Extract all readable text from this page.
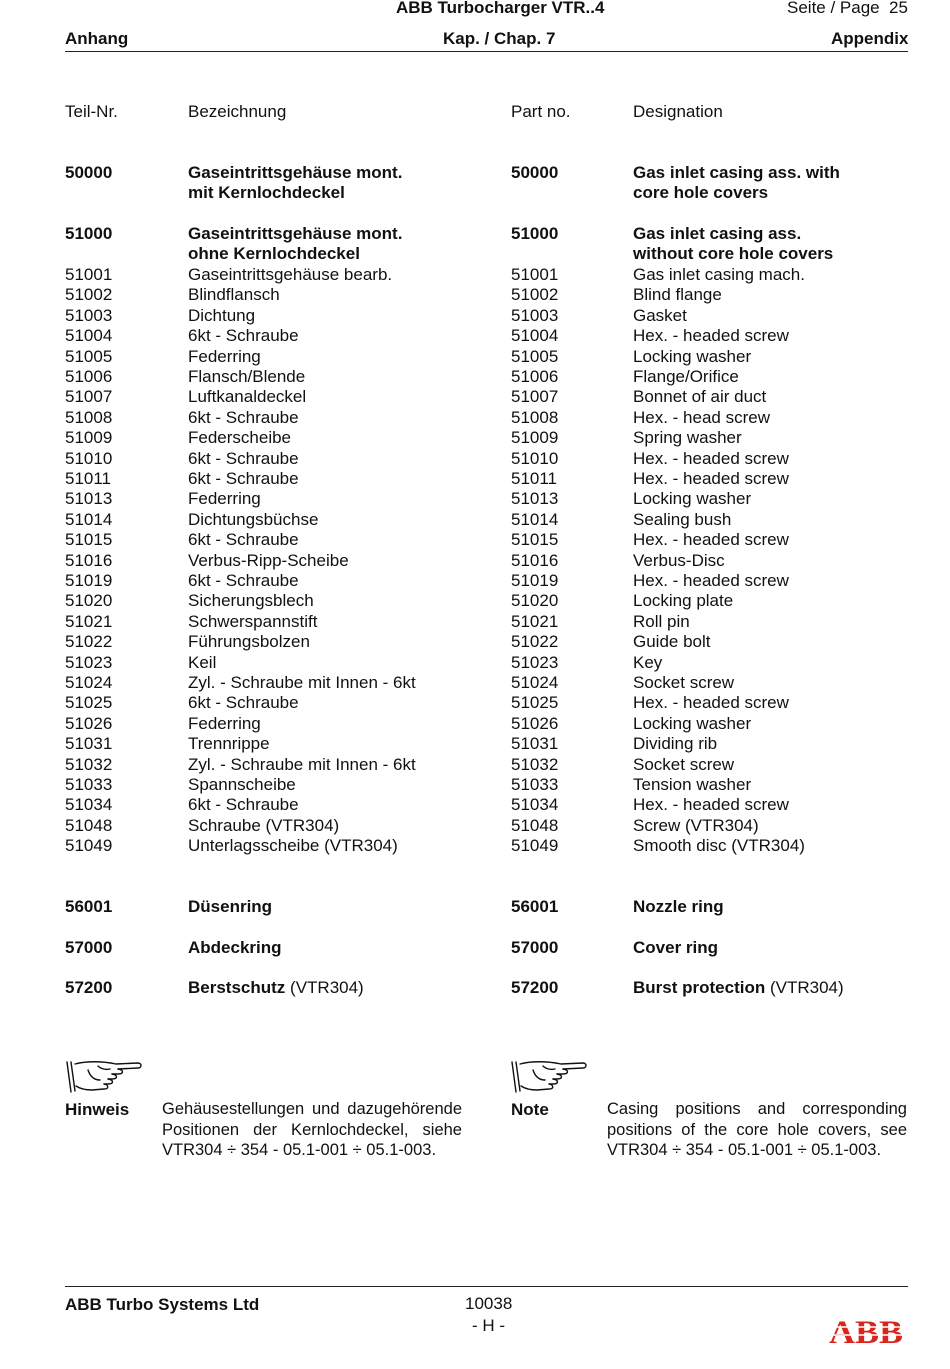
ABB Turbocharger VTR..4	Seite / Page 25
Anhang	Kap. / Chap. 7	Appendix
Teil-Nr.	Bezeichnung	Part no.	Designation
50000	Gaseintrittsgehäuse mont.	50000	Gas inlet casing ass. with
mit Kernlochdeckel	core hole covers
51000	Gaseintrittsgehäuse mont.	51000	Gas inlet casing ass.
ohne Kernlochdeckel	without core hole covers
51001	Gaseintrittsgehäuse bearb.	51001	Gas inlet casing mach.
51002	Blindflansch	51002	Blind flange
51003	Dichtung	51003	Gasket
51004	6kt - Schraube	51004	Hex. - headed screw
51005	Federring	51005	Locking washer
51006	Flansch/Blende	51006	Flange/Orifice
51007	Luftkanaldeckel	51007	Bonnet of air duct
51008	6kt - Schraube	51008	Hex. - head screw
51009	Federscheibe	51009	Spring washer
51010	6kt - Schraube	51010	Hex. - headed screw
51011	6kt - Schraube	51011	Hex. - headed screw
51013	Federring	51013	Locking washer
51014	Dichtungsbüchse	51014	Sealing bush
51015	6kt - Schraube	51015	Hex. - headed screw
51016	Verbus-Ripp-Scheibe	51016	Verbus-Disc
51019	6kt - Schraube	51019	Hex. - headed screw
51020	Sicherungsblech	51020	Locking plate
51021	Schwerspannstift	51021	Roll pin
51022	Führungsbolzen	51022	Guide bolt
51023	Keil	51023	Key
51024	Zyl. - Schraube mit Innen - 6kt	51024	Socket screw
51025	6kt - Schraube	51025	Hex. - headed screw
51026	Federring	51026	Locking washer
51031	Trennrippe	51031	Dividing rib
51032	Zyl. - Schraube mit Innen - 6kt	51032	Socket screw
51033	Spannscheibe	51033	Tension washer
51034	6kt - Schraube	51034	Hex. - headed screw
51048	Schraube (VTR304)	51048	Screw (VTR304)
51049	Unterlagsscheibe (VTR304)	51049	Smooth disc (VTR304)
56001	Düsenring	56001	Nozzle ring
57000	Abdeckring	57000	Cover ring
57200	Berstschutz (VTR304)	57200	Burst protection (VTR304)
Hinweis Gehäusestellungen und dazugehörende Positionen der Kernlochdeckel, siehe VTR304 ÷ 354 - 05.1-001 ÷ 05.1-003.
Note	Casing positions and corresponding positions of the core hole covers, see VTR304 ÷ 354 - 05.1-001 ÷ 05.1-003.
ABB Turbo Systems Ltd	10038
- H -	ABB
